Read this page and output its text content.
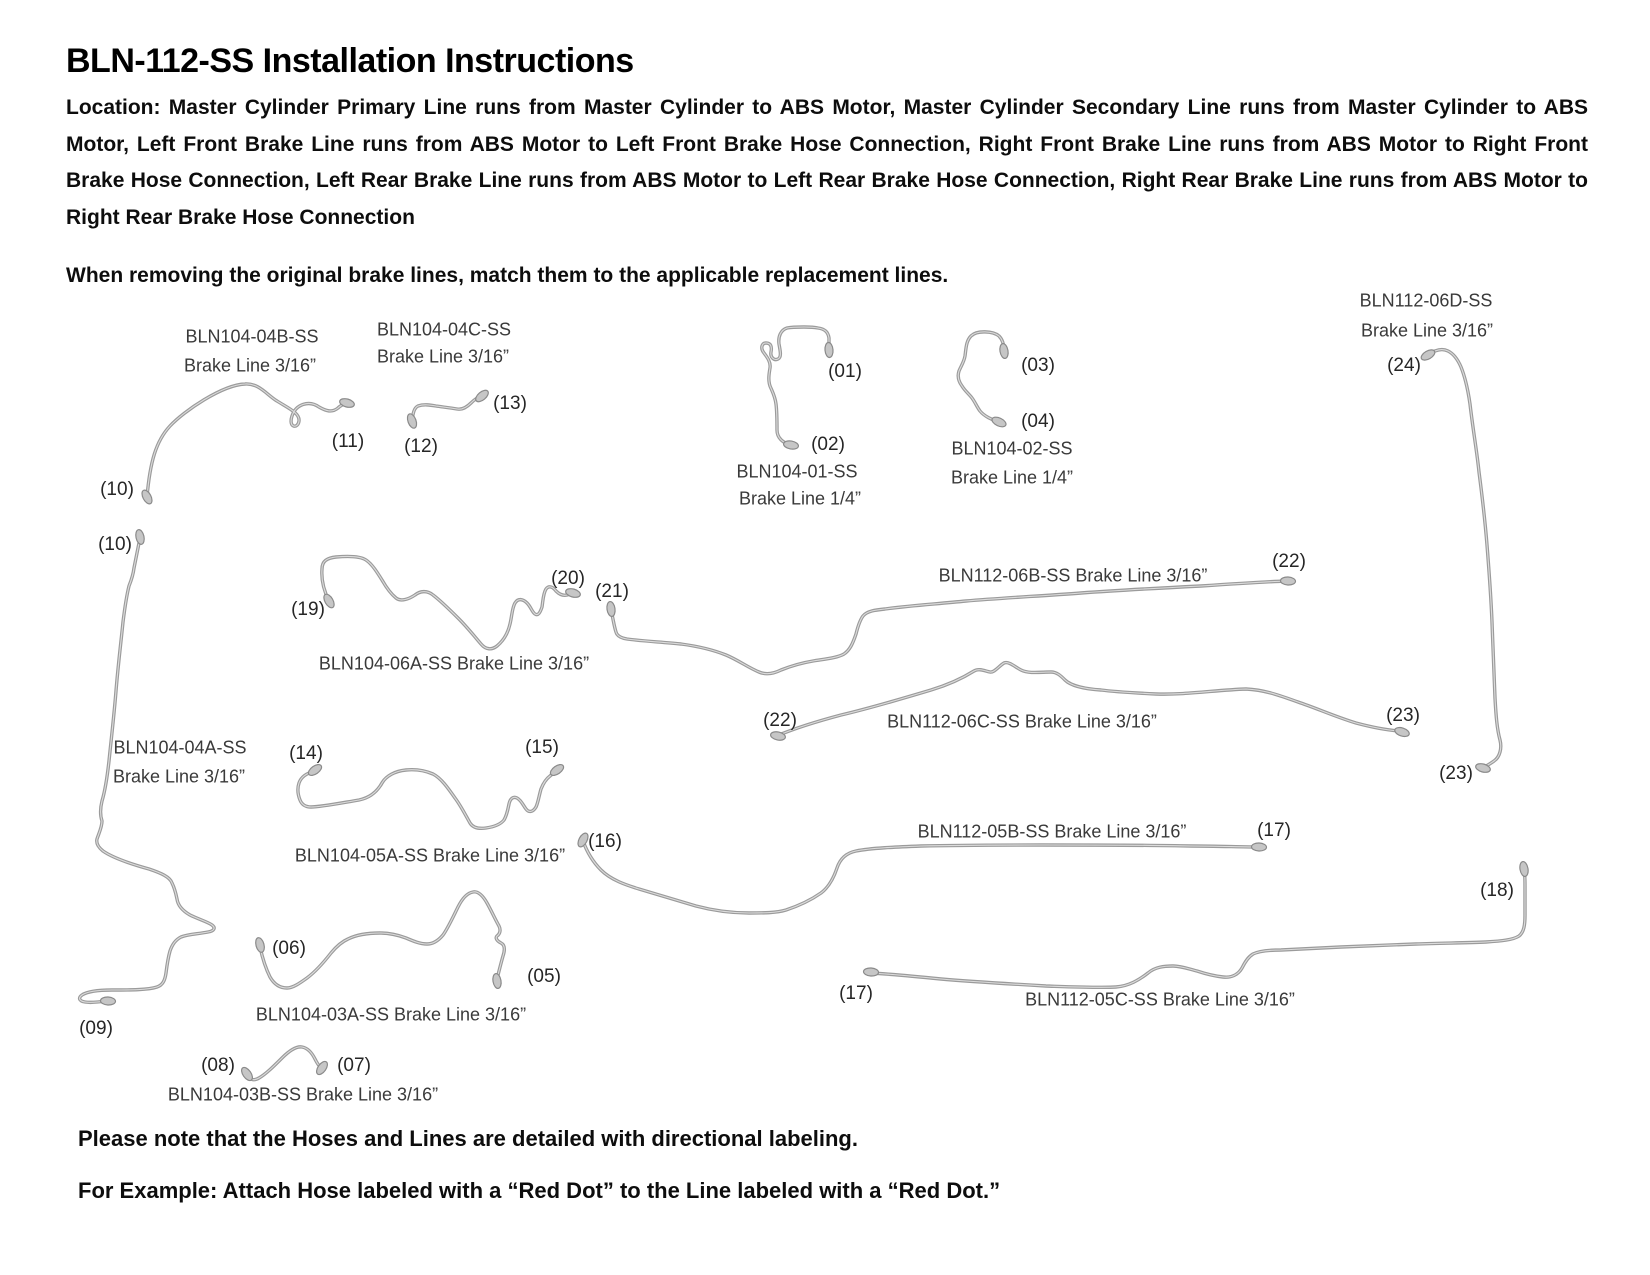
BLN-112-SS Installation Instructions
Location: Master Cylinder Primary Line runs from Master Cylinder to ABS Motor, Master Cylinder Secondary Line runs from Master Cylinder to ABS Motor, Left Front Brake Line runs from ABS Motor to Left Front Brake Hose Connection, Right Front Brake Line runs from ABS Motor to Right Front Brake Hose Connection, Left Rear Brake Line runs from ABS Motor to Left Rear Brake Hose Connection, Right Rear Brake Line runs from ABS Motor to Right Rear Brake Hose Connection
When removing the original brake lines, match them to the applicable replacement lines.
BLN104-04B-SS
Brake Line 3/16”
BLN104-04C-SS
Brake Line 3/16”
BLN104-01-SS
Brake Line 1/4”
BLN104-02-SS
Brake Line 1/4”
BLN112-06D-SS
Brake Line 3/16”
BLN104-06A-SS Brake Line 3/16”
BLN112-06B-SS Brake Line 3/16”
BLN112-06C-SS Brake Line 3/16”
BLN104-04A-SS
Brake Line 3/16”
BLN104-05A-SS Brake Line 3/16”
BLN112-05B-SS Brake Line 3/16”
BLN104-03A-SS Brake Line 3/16”
BLN112-05C-SS Brake Line 3/16”
BLN104-03B-SS Brake Line 3/16”
(01)
(02)
(03)
(04)
(05)
(06)
(07)
(08)
(09)
(10)
(10)
(11) (12)
(13)
(14)	(15)
(16)
(17)
(17)
(18)
(19)
(20)
(21)
(22)
(22)	(23)
(23)
(24)
Please note that the Hoses and Lines are detailed with directional labeling.
For Example: Attach Hose labeled with a “Red Dot” to the Line labeled with a “Red Dot.”
